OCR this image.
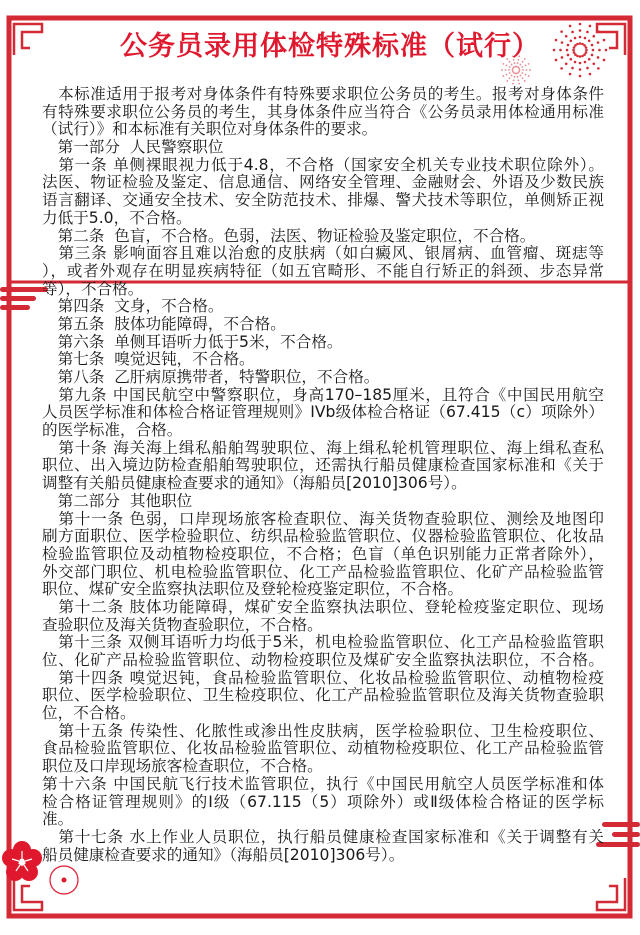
公务员录用体检特殊标准（试行）
　本标准适用于报考对身体条件有特殊要求职位公务员的考生。报考对身体条件
有特殊要求职位公务员的考生，其身体条件应当符合《公务员录用体检通用标准
（试行）》和本标准有关职位对身体条件的要求。
　第一部分  人民警察职位
　第一条 单侧裸眼视力低于4.8，不合格（国家安全机关专业技术职位除外）。
法医、物证检验及鉴定、信息通信、网络安全管理、金融财会、外语及少数民族
语言翻译、交通安全技术、安全防范技术、排爆、警犬技术等职位，单侧矫正视
力低于5.0，不合格。
　第二条  色盲，不合格。色弱，法医、物证检验及鉴定职位，不合格。
　第三条 影响面容且难以治愈的皮肤病（如白癜风、银屑病、血管瘤、斑痣等
），或者外观存在明显疾病特征（如五官畸形、不能自行矫正的斜颈、步态异常
等），不合格。
　第四条  文身，不合格。
　第五条  肢体功能障碍，不合格。
　第六条  单侧耳语听力低于5米，不合格。
　第七条  嗅觉迟钝，不合格。
　第八条  乙肝病原携带者，特警职位，不合格。
　第九条 中国民航空中警察职位，身高170–185厘米，且符合《中国民用航空
人员医学标准和体检合格证管理规则》IVb级体检合格证（67.415（c）项除外）
的医学标准，合格。
　第十条 海关海上缉私船舶驾驶职位、海上缉私轮机管理职位、海上缉私查私
职位、出入境边防检查船舶驾驶职位，还需执行船员健康检查国家标准和《关于
调整有关船员健康检查要求的通知》（海船员[2010]306号）。
　第二部分  其他职位
　第十一条 色弱，口岸现场旅客检查职位、海关货物查验职位、测绘及地图印
刷方面职位、医学检验职位、纺织品检验监管职位、仪器检验监管职位、化妆品
检验监管职位及动植物检疫职位，不合格；色盲（单色识别能力正常者除外），
外交部门职位、机电检验监管职位、化工产品检验监管职位、化矿产品检验监管
职位、煤矿安全监察执法职位及登轮检疫鉴定职位，不合格。
　第十二条 肢体功能障碍，煤矿安全监察执法职位、登轮检疫鉴定职位、现场
查验职位及海关货物查验职位，不合格。
　第十三条 双侧耳语听力均低于5米，机电检验监管职位、化工产品检验监管职
位、化矿产品检验监管职位、动物检疫职位及煤矿安全监察执法职位，不合格。
　第十四条 嗅觉迟钝，食品检验监管职位、化妆品检验监管职位、动植物检疫
职位、医学检验职位、卫生检疫职位、化工产品检验监管职位及海关货物查验职
位，不合格。
　第十五条 传染性、化脓性或渗出性皮肤病，医学检验职位、卫生检疫职位、
食品检验监管职位、化妆品检验监管职位、动植物检疫职位、化工产品检验监管
职位及口岸现场旅客检查职位，不合格。
第十六条 中国民航飞行技术监管职位，执行《中国民用航空人员医学标准和体
检合格证管理规则》的Ⅰ级（67.115（5）项除外）或Ⅱ级体检合格证的医学标
准。
　第十七条 水上作业人员职位，执行船员健康检查国家标准和《关于调整有关
船员健康检查要求的通知》（海船员[2010]306号）。
